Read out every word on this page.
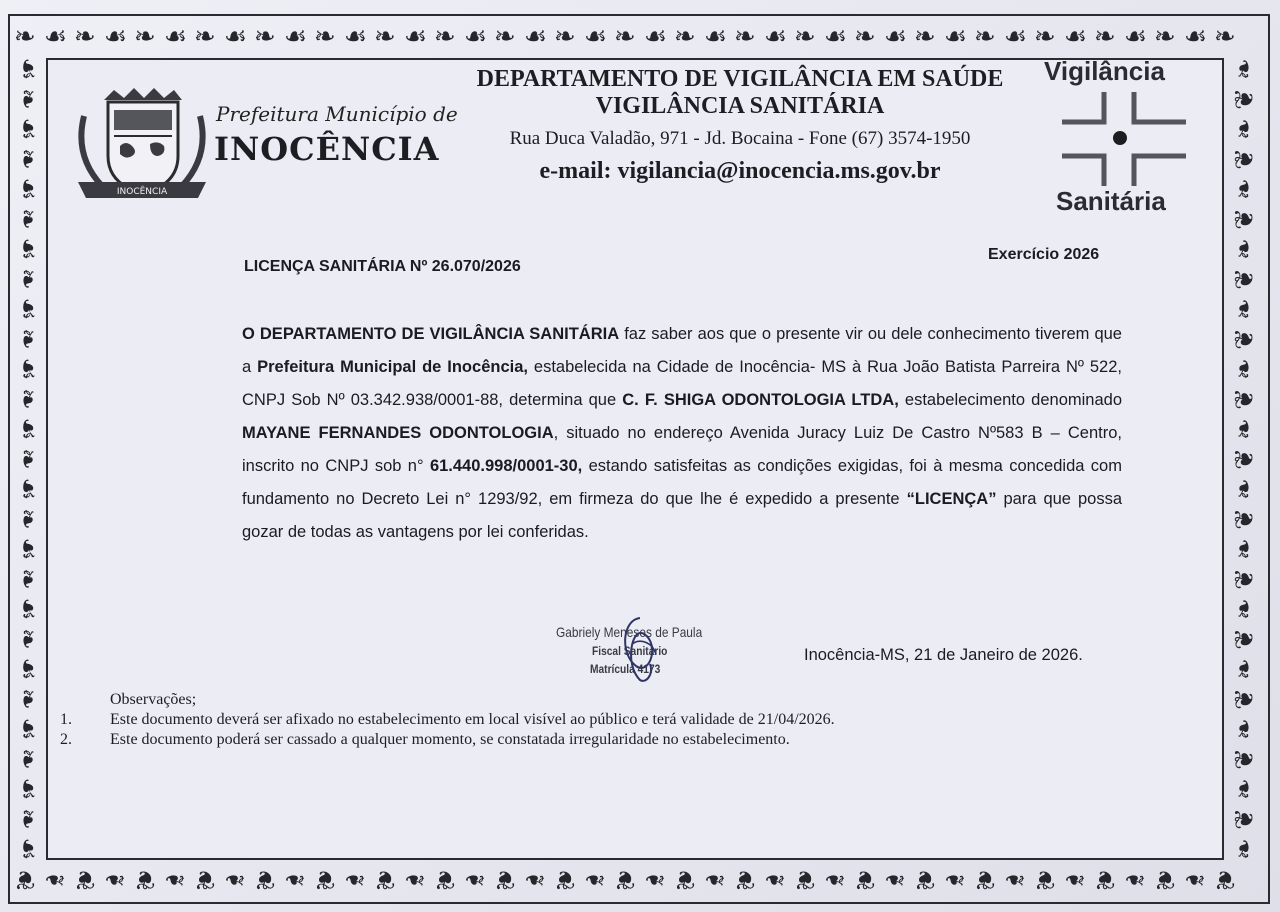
❧
❦
☙
❧
❧
❦
☙
❧
❧
❦
☙
❧
❧
❦
☙
❧
❧
❦
☙
❧
❧
❦
☙
❧
❧
❦
☙
❧
❧
❦
☙
❧
❧
❦
☙
❧
❧
❦
☙
❧
❧
❦
☙
❧
❧
❦
☙
❧
❧
❦
☙
❧
❧
❦
☙
❧
❧
❦
☙
❧
❧
❦
☙
❧
❧
❦
☙
❧
❧
❦
☙
❧
❧
❦
☙
❧
❧
❦
☙
❧
❧
❦
☙	❧
❧	❦
☙	❧
❧	❦
☙	❧
❧	❦
☙	❧
❧	❦
☙	❧
❧	❦
☙	❧
❧	❦
☙	❧
❧	❦
☙	❧
❧	❦
☙	❧
❧	❦
☙	❧
❧	❦
☙	❧
❧	❦
☙	❧
❧	❦
☙	❧
❧	❦
☙	❧
INOCÊNCIA
Prefeitura Município de
INOCÊNCIA
DEPARTAMENTO DE VIGILÂNCIA EM SAÚDE
VIGILÂNCIA SANITÁRIA
Rua Duca Valadão, 971 - Jd. Bocaina - Fone (67) 3574-1950
e-mail: vigilancia@inocencia.ms.gov.br
Vigilância
Sanitária
Exercício 2026
LICENÇA SANITÁRIA Nº 26.070/2026
O DEPARTAMENTO DE VIGILÂNCIA SANITÁRIA faz saber aos que o presente vir ou dele conhecimento tiverem que a Prefeitura Municipal de Inocência, estabelecida na Cidade de Inocência- MS à Rua João Batista Parreira Nº 522, CNPJ Sob Nº 03.342.938/0001-88, determina que C. F. SHIGA ODONTOLOGIA LTDA, estabelecimento denominado MAYANE FERNANDES ODONTOLOGIA, situado no endereço Avenida Juracy Luiz De Castro Nº583 B – Centro, inscrito no CNPJ sob n° 61.440.998/0001-30, estando satisfeitas as condições exigidas, foi à mesma concedida com fundamento no Decreto Lei n° 1293/92, em firmeza do que lhe é expedido a presente “LICENÇA” para que possa gozar de todas as vantagens por lei conferidas.
Gabriely Meneses de Paula
Fiscal Sanitário
Matrícula 4173
Inocência-MS, 21 de Janeiro de 2026.
Observações;
1.	Este documento deverá ser afixado no estabelecimento em local visível ao público e terá validade de 21/04/2026.
2.	Este documento poderá ser cassado a qualquer momento, se constatada irregularidade no estabelecimento.
